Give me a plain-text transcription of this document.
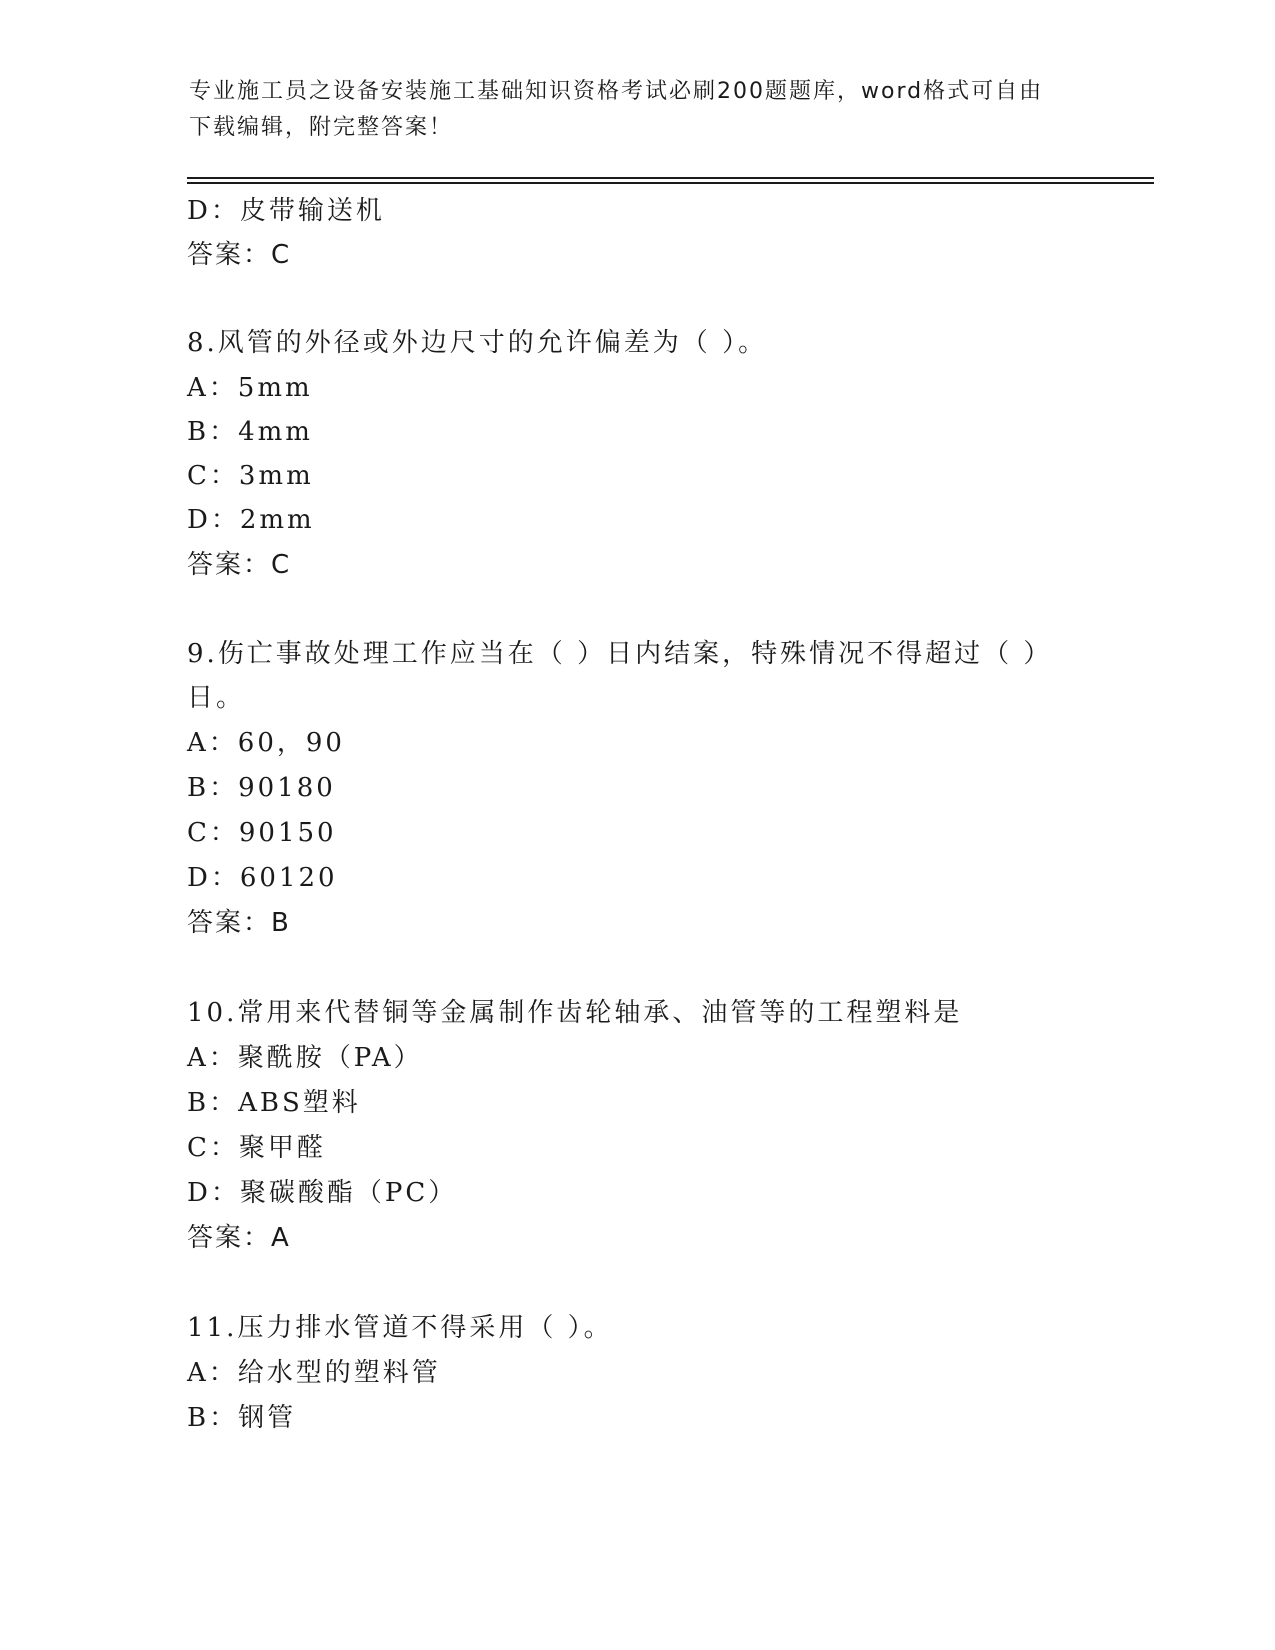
专业施工员之设备安装施工基础知识资格考试必刷200题题库，word格式可自由
下载编辑，附完整答案！
D：皮带输送机
答案：C
8.风管的外径或外边尺寸的允许偏差为（ ）。
A：5mm
B：4mm
C：3mm
D：2mm
答案：C
9.伤亡事故处理工作应当在（ ）日内结案，特殊情况不得超过（ ）
日。
A：60，90
B：90180
C：90150
D：60120
答案：B
10.常用来代替铜等金属制作齿轮轴承、油管等的工程塑料是
A：聚酰胺（PA）
B：ABS塑料
C：聚甲醛
D：聚碳酸酯（PC）
答案：A
11.压力排水管道不得采用（ ）。
A：给水型的塑料管
B：钢管
